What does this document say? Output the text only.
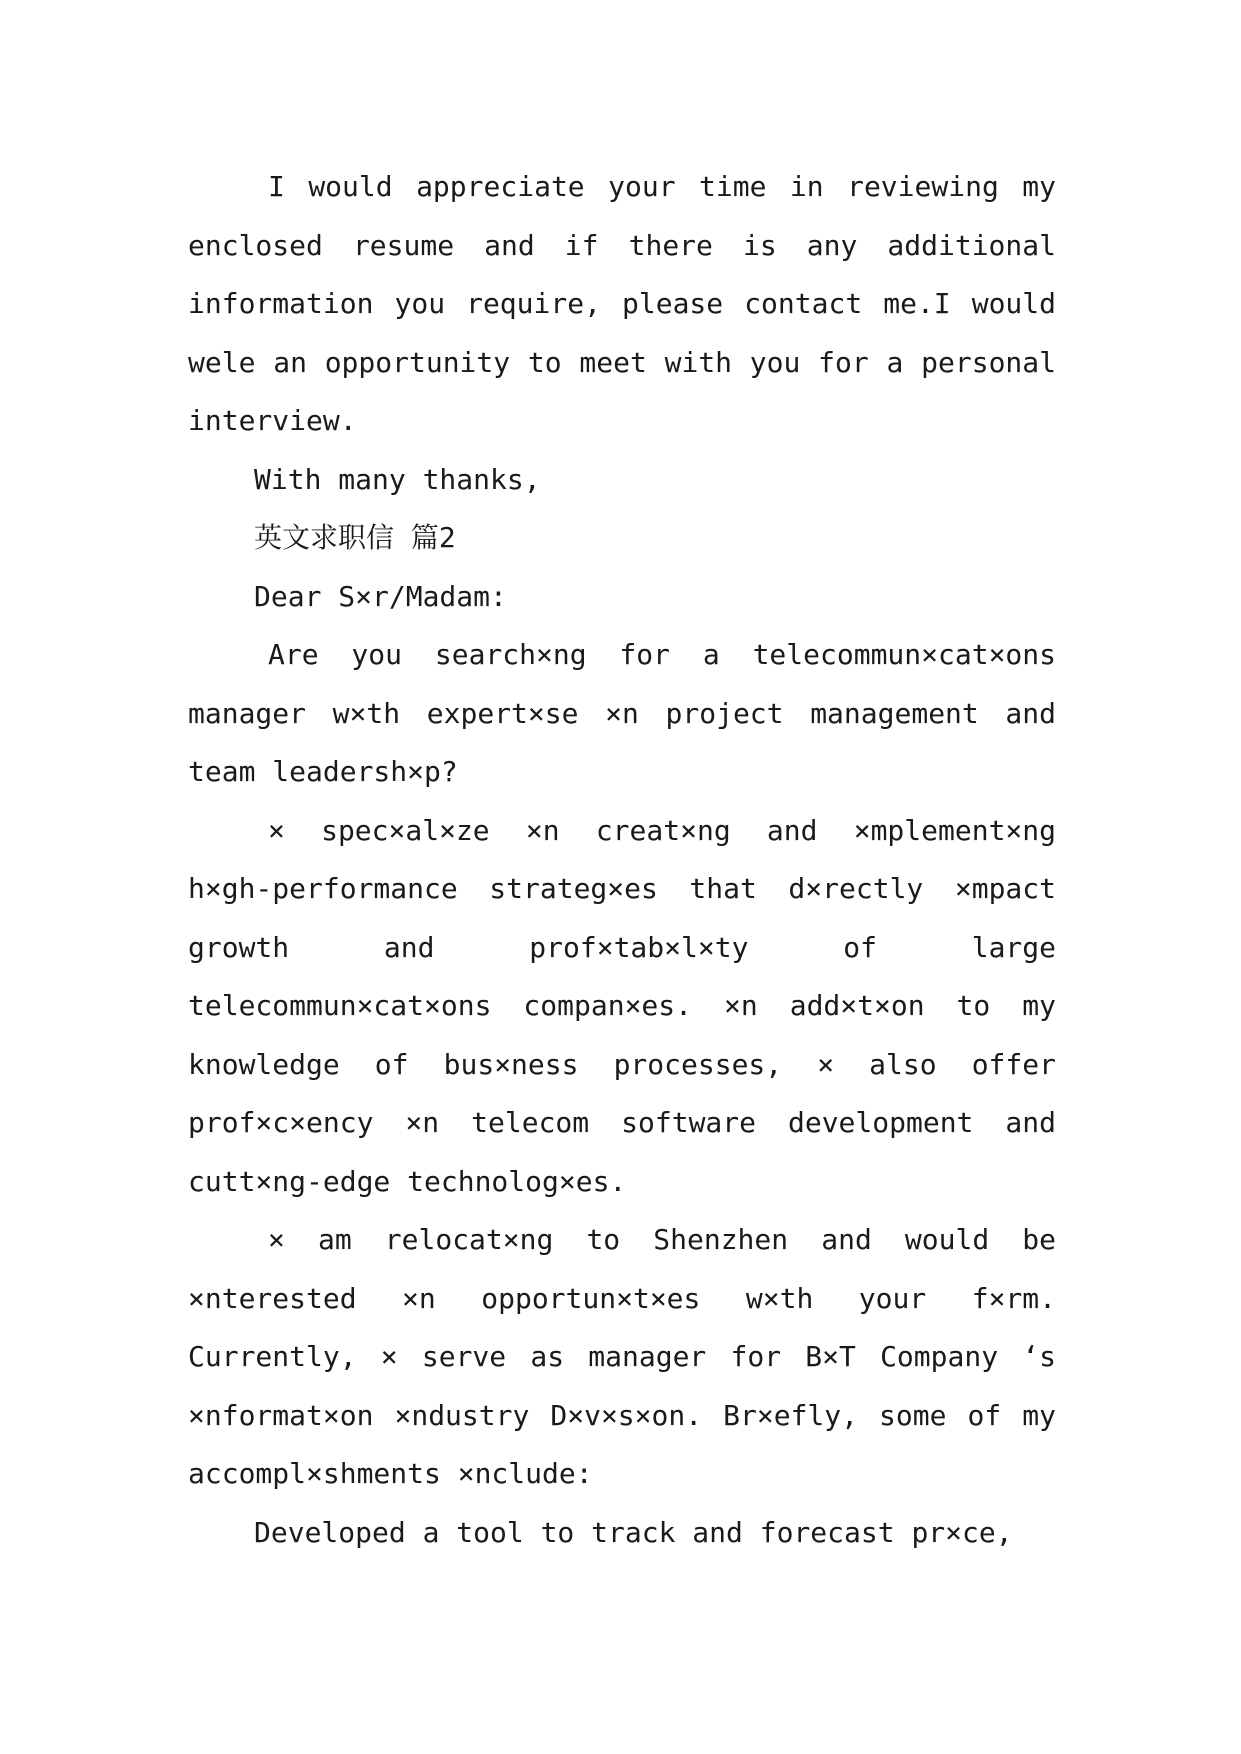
I would appreciate your time in reviewing my enclosed resume and if there is any additional information you require, please contact me.I would wele an opportunity to meet with you for a personal interview.

With many thanks,

英文求职信 篇2

Dear S×r/Madam:

Are you search×ng for a telecommun×cat×ons manager w×th expert×se ×n project management and team leadersh×p?

× spec×al×ze ×n creat×ng and ×mplement×ng h×gh-performance strateg×es that d×rectly ×mpact growth and prof×tab×l×ty of large telecommun×cat×ons compan×es. ×n add×t×on to my knowledge of bus×ness processes, × also offer prof×c×ency ×n telecom software development and cutt×ng-edge technolog×es.

× am relocat×ng to Shenzhen and would be ×nterested ×n opportun×t×es w×th your f×rm. Currently, × serve as manager for B×T Company ‘s ×nformat×on ×ndustry D×v×s×on. Br×efly, some of my accompl×shments ×nclude:

Developed a tool to track and forecast pr×ce,
